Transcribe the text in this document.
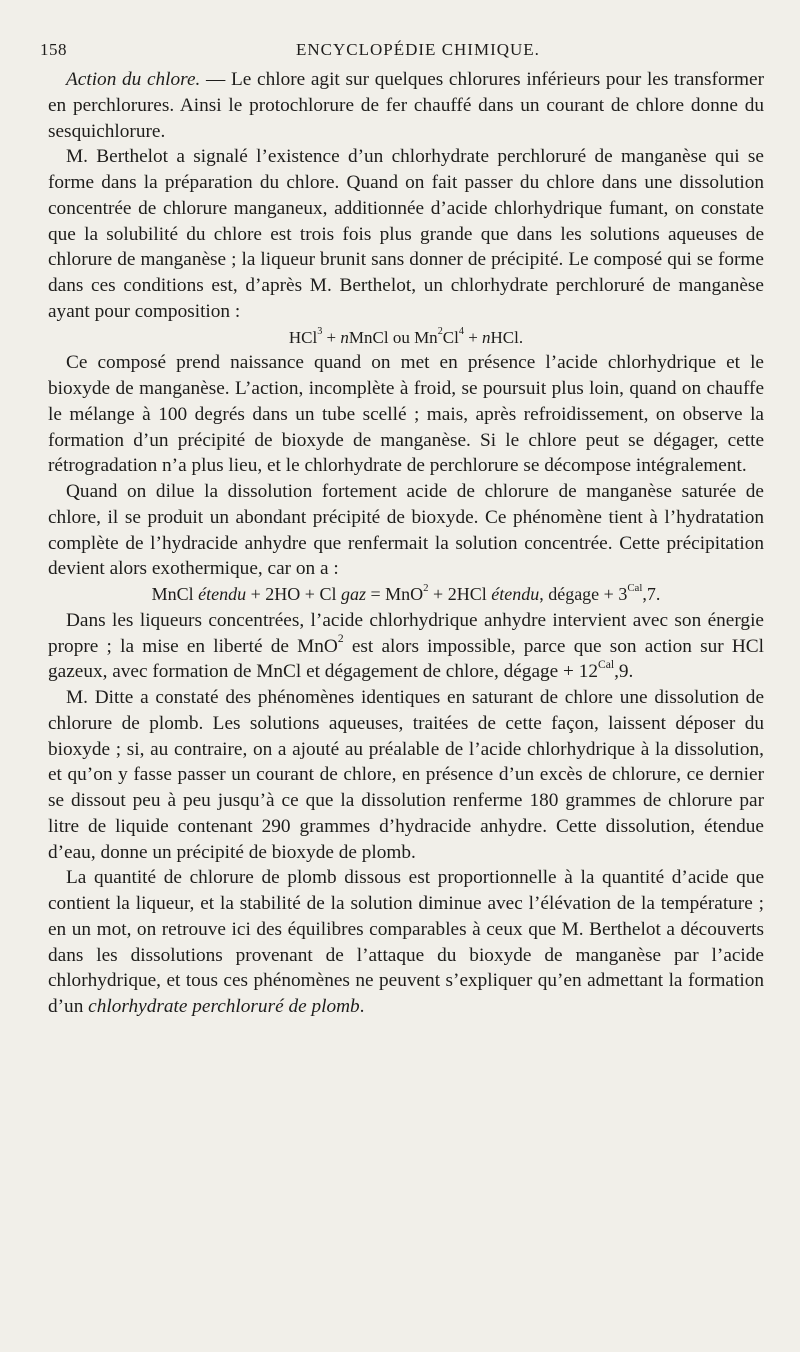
158	ENCYCLOPÉDIE CHIMIQUE.

Action du chlore. — Le chlore agit sur quelques chlorures inférieurs pour les transformer en perchlorures. Ainsi le protochlorure de fer chauffé dans un courant de chlore donne du sesquichlorure.

M. Berthelot a signalé l’existence d’un chlorhydrate perchloruré de manganèse qui se forme dans la préparation du chlore. Quand on fait passer du chlore dans une dissolution concentrée de chlorure manganeux, additionnée d’acide chlorhydrique fumant, on constate que la solubilité du chlore est trois fois plus grande que dans les solutions aqueuses de chlorure de manganèse ; la liqueur brunit sans donner de précipité. Le composé qui se forme dans ces conditions est, d’après M. Berthelot, un chlorhydrate perchloruré de manganèse ayant pour composition :

HCl$^3$ + nMnCl ou $Mn^2Cl^4$ + nHCl.

Ce composé prend naissance quand on met en présence l’acide chlorhydrique et le bioxyde de manganèse. L’action, incomplète à froid, se poursuit plus loin, quand on chauffe le mélange à 100 degrés dans un tube scellé ; mais, après refroidissement, on observe la formation d’un précipité de bioxyde de manganèse. Si le chlore peut se dégager, cette rétrogradation n’a plus lieu, et le chlorhydrate de perchlorure se décompose intégralement.

Quand on dilue la dissolution fortement acide de chlorure de manganèse saturée de chlore, il se produit un abondant précipité de bioxyde. Ce phénomène tient à l’hydratation complète de l’hydracide anhydre que renfermait la solution concentrée. Cette précipitation devient alors exothermique, car on a :

MnCl étendu + 2HO + Cl gaz = MnO$^2$ + 2HCl étendu, dégage + $3^{Cal},7$.

Dans les liqueurs concentrées, l’acide chlorhydrique anhydre intervient avec son énergie propre ; la mise en liberté de MnO$^2$ est alors impossible, parce que son action sur HCl gazeux, avec formation de MnCl et dégagement de chlore, dégage + $12^{Cal},9$.

M. Ditte a constaté des phénomènes identiques en saturant de chlore une dissolution de chlorure de plomb. Les solutions aqueuses, traitées de cette façon, laissent déposer du bioxyde ; si, au contraire, on a ajouté au préalable de l’acide chlorhydrique à la dissolution, et qu’on y fasse passer un courant de chlore, en présence d’un excès de chlorure, ce dernier se dissout peu à peu jusqu’à ce que la dissolution renferme 180 grammes de chlorure par litre de liquide contenant 290 grammes d’hydracide anhydre. Cette dissolution, étendue d’eau, donne un précipité de bioxyde de plomb.

La quantité de chlorure de plomb dissous est proportionnelle à la quantité d’acide que contient la liqueur, et la stabilité de la solution diminue avec l’élévation de la température ; en un mot, on retrouve ici des équilibres comparables à ceux que M. Berthelot a découverts dans les dissolutions provenant de l’attaque du bioxyde de manganèse par l’acide chlorhydrique, et tous ces phénomènes ne peuvent s’expliquer qu’en admettant la formation d’un chlorhydrate perchloruré de plomb.
